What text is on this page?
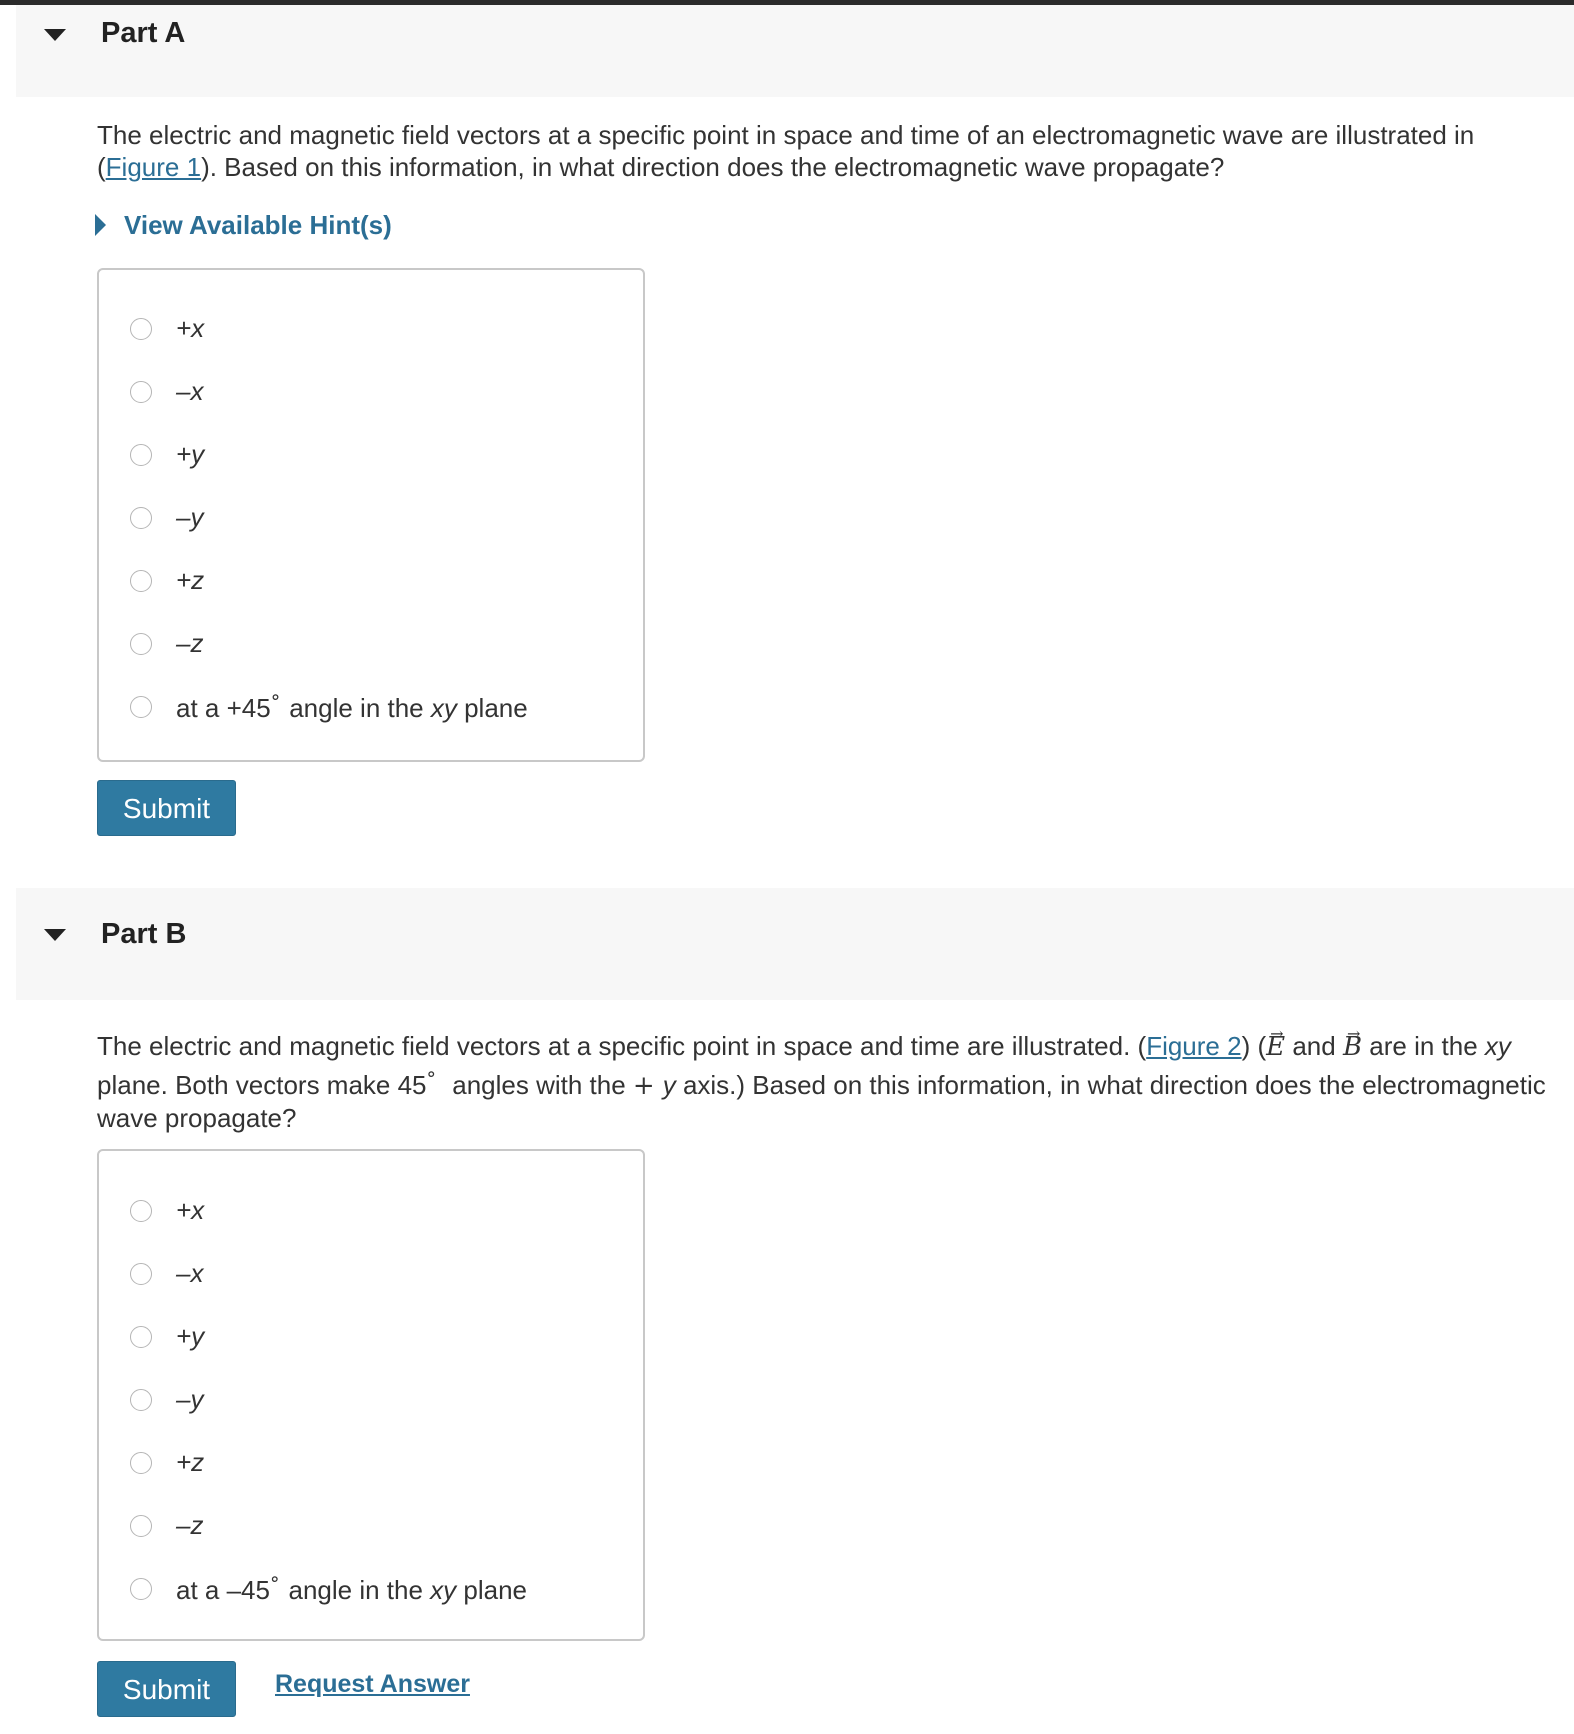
Part A
The electric and magnetic field vectors at a specific point in space and time of an electromagnetic wave are illustrated in (Figure 1). Based on this information, in what direction does the electromagnetic wave propagate?
View Available Hint(s)
+x
–x
+y
–y
+z
–z
at a +45° angle in the xy plane
Submit
Part B
The electric and magnetic field vectors at a specific point in space and time are illustrated. (Figure 2) (→ E and → B are in the xy plane. Both vectors make 45° angles with the + y axis.) Based on this information, in what direction does the electromagnetic wave propagate?
+x
–x
+y
–y
+z
–z
at a –45° angle in the xy plane
Submit	Request Answer
